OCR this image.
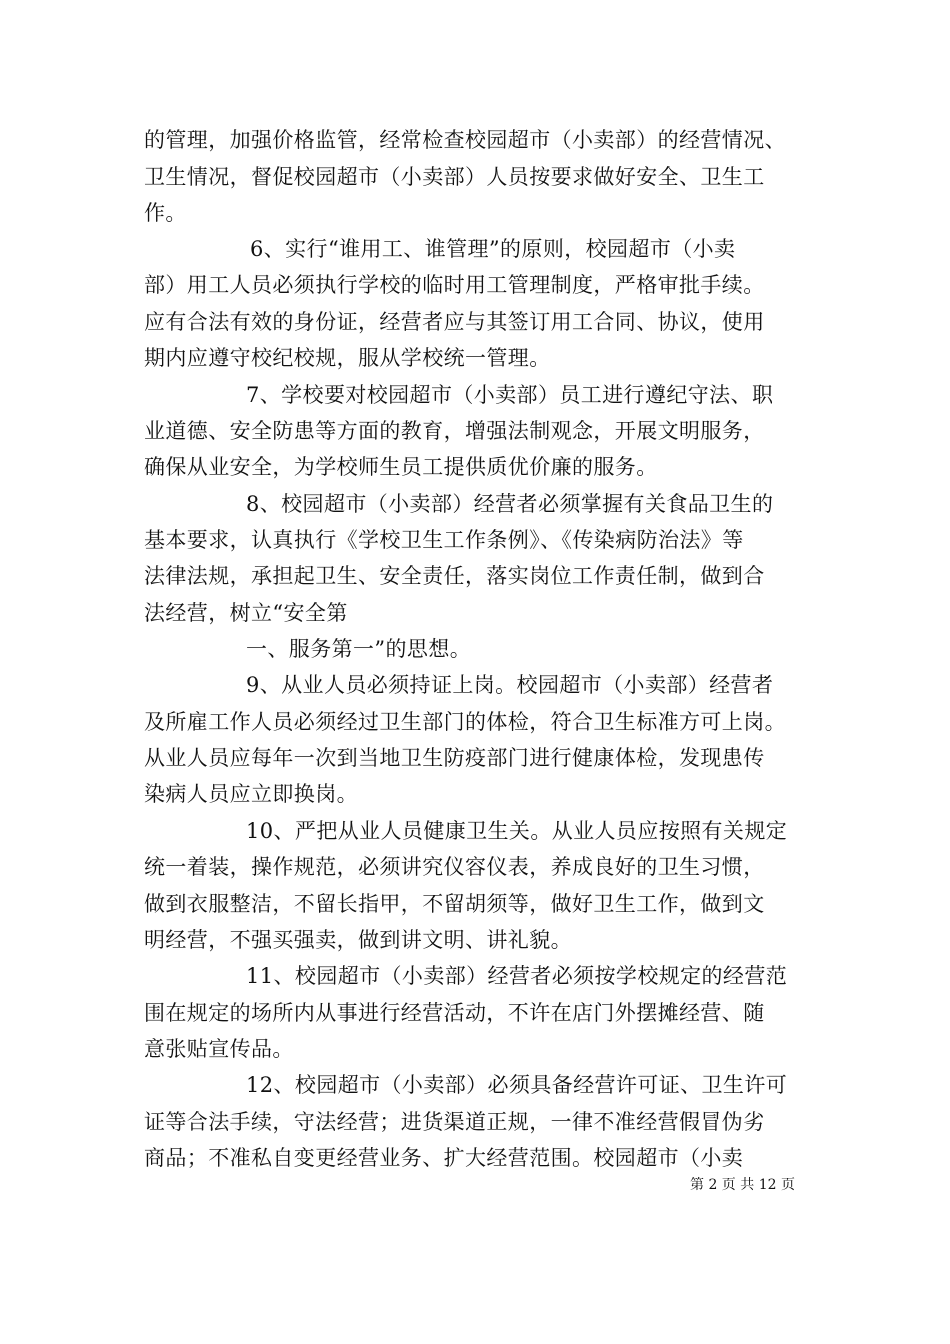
的管理，加强价格监管，经常检查校园超市（小卖部）的经营情况、
卫生情况，督促校园超市（小卖部）人员按要求做好安全、卫生工
作。
6、实行“谁用工、谁管理”的原则，校园超市（小卖
部）用工人员必须执行学校的临时用工管理制度，严格审批手续。
应有合法有效的身份证，经营者应与其签订用工合同、协议，使用
期内应遵守校纪校规，服从学校统一管理。
7、学校要对校园超市（小卖部）员工进行遵纪守法、职
业道德、安全防患等方面的教育，增强法制观念，开展文明服务，
确保从业安全，为学校师生员工提供质优价廉的服务。
8、校园超市（小卖部）经营者必须掌握有关食品卫生的
基本要求，认真执行《学校卫生工作条例》、《传染病防治法》等
法律法规，承担起卫生、安全责任，落实岗位工作责任制，做到合
法经营，树立“安全第
一、服务第一”的思想。
9、从业人员必须持证上岗。校园超市（小卖部）经营者
及所雇工作人员必须经过卫生部门的体检，符合卫生标准方可上岗。
从业人员应每年一次到当地卫生防疫部门进行健康体检，发现患传
染病人员应立即换岗。
10、严把从业人员健康卫生关。从业人员应按照有关规定
统一着装，操作规范，必须讲究仪容仪表，养成良好的卫生习惯，
做到衣服整洁，不留长指甲，不留胡须等，做好卫生工作，做到文
明经营，不强买强卖，做到讲文明、讲礼貌。
11、校园超市（小卖部）经营者必须按学校规定的经营范
围在规定的场所内从事进行经营活动，不许在店门外摆摊经营、随
意张贴宣传品。
12、校园超市（小卖部）必须具备经营许可证、卫生许可
证等合法手续，守法经营；进货渠道正规，一律不准经营假冒伪劣
商品；不准私自变更经营业务、扩大经营范围。校园超市（小卖
第 2 页 共 12 页
